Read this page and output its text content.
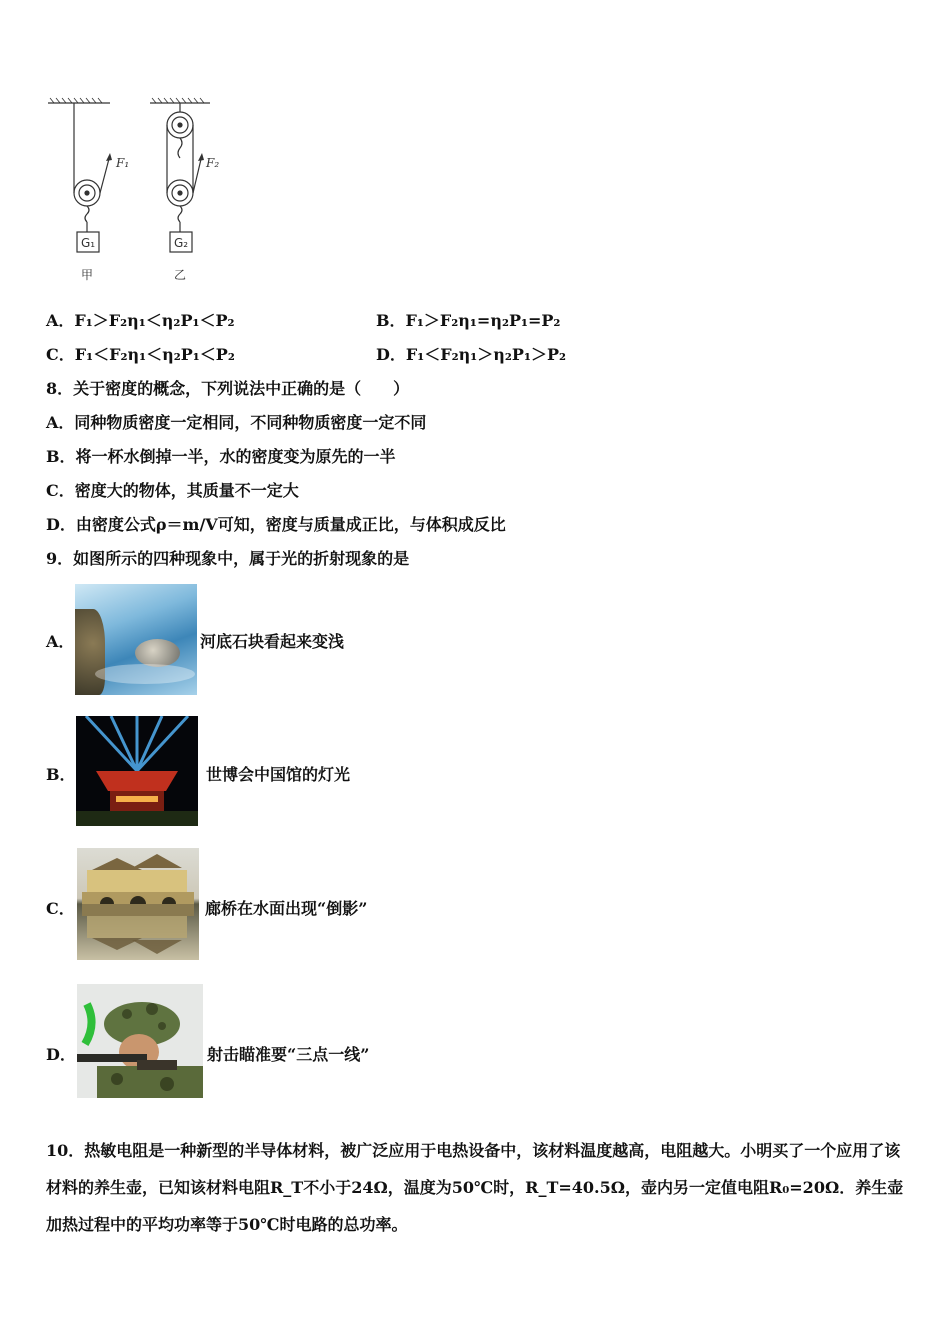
F₁	F₂
G₁	G₂
甲	乙
A．F₁＞F₂η₁＜η₂P₁＜P₂	B．F₁＞F₂η₁=η₂P₁=P₂
C．F₁＜F₂η₁＜η₂P₁＜P₂	D．F₁＜F₂η₁＞η₂P₁＞P₂
8．关于密度的概念，下列说法中正确的是（　　）
A．同种物质密度一定相同，不同种物质密度一定不同
B．将一杯水倒掉一半，水的密度变为原先的一半
C．密度大的物体，其质量不一定大
D．由密度公式ρ＝m/V可知，密度与质量成正比，与体积成反比
9．如图所示的四种现象中，属于光的折射现象的是
A．	河底石块看起来变浅
B．	世博会中国馆的灯光
C．	廊桥在水面出现“倒影”
D．	射击瞄准要“三点一线”
10．热敏电阻是一种新型的半导体材料，被广泛应用于电热设备中，该材料温度越高，电阻越大。小明买了一个应用了该材料的养生壶，已知该材料电阻R_T不小于24Ω，温度为50℃时，R_T=40.5Ω，壶内另一定值电阻R₀=20Ω．养生壶加热过程中的平均功率等于50℃时电路的总功率。
